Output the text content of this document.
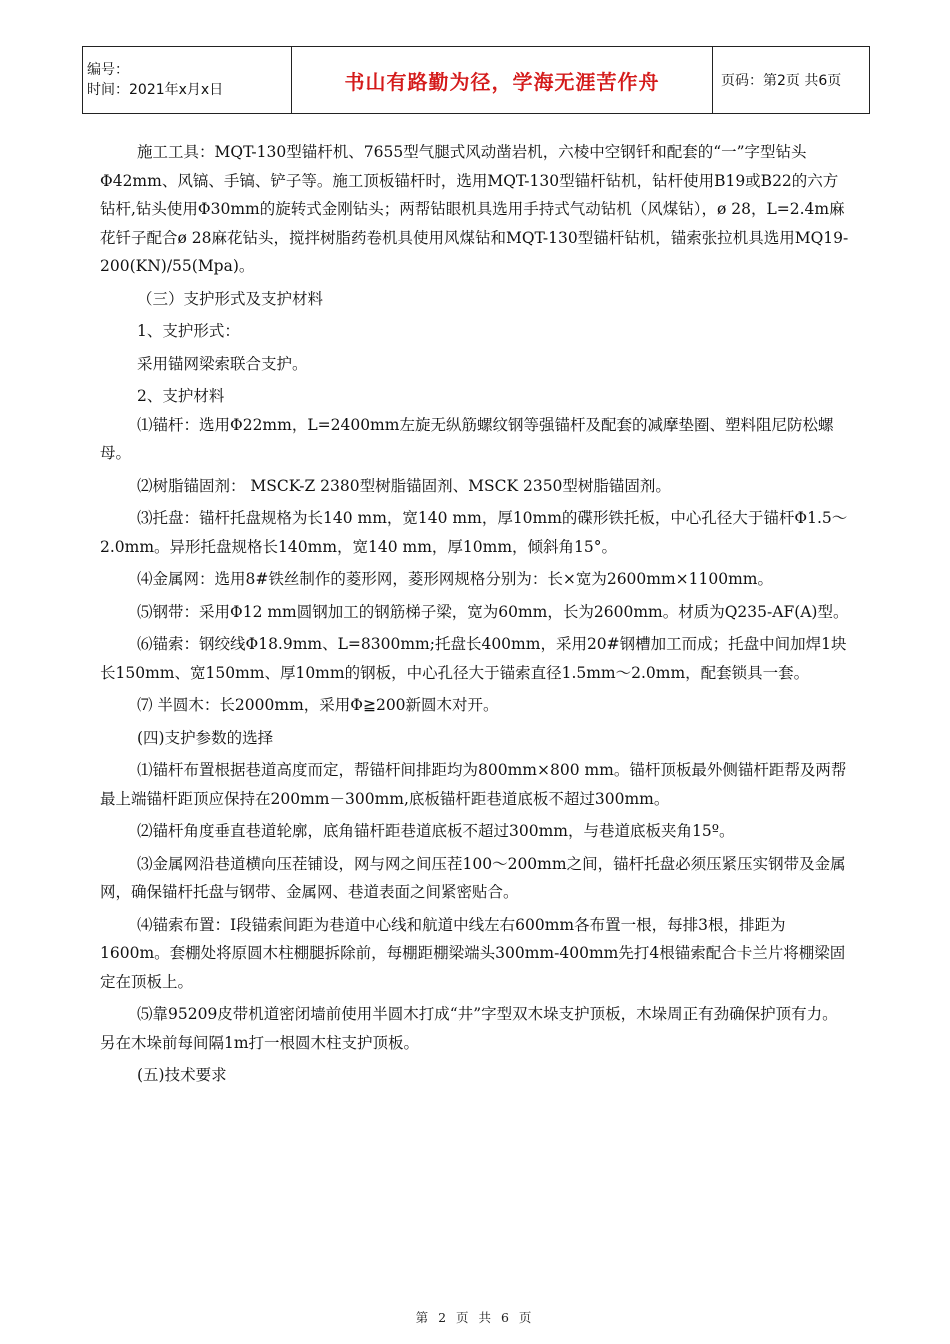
编号：
时间：2021年x月x日	书山有路勤为径，学海无涯苦作舟	页码：第2页 共6页

施工工具：MQT-130型锚杆机、7655型气腿式风动凿岩机，六棱中空钢钎和配套的“一”字型钻头Φ42mm、风镐、手镐、铲子等。施工顶板锚杆时，选用MQT-130型锚杆钻机，钻杆使用B19或B22的六方钻杆,钻头使用Φ30mm的旋转式金刚钻头；两帮钻眼机具选用手持式气动钻机（风煤钻），ø 28，L=2.4m麻花钎子配合ø 28麻花钻头，搅拌树脂药卷机具使用风煤钻和MQT-130型锚杆钻机，锚索张拉机具选用MQ19-200(KN)/55(Mpa)。

（三）支护形式及支护材料

1、支护形式：

采用锚网梁索联合支护。

2、支护材料

⑴锚杆：选用Φ22mm，L=2400mm左旋无纵筋螺纹钢等强锚杆及配套的减摩垫圈、塑料阻尼防松螺母。

⑵树脂锚固剂： MSCK-Z 2380型树脂锚固剂、MSCK 2350型树脂锚固剂。

⑶托盘：锚杆托盘规格为长140 mm，宽140 mm，厚10mm的碟形铁托板，中心孔径大于锚杆Φ1.5～2.0mm。异形托盘规格长140mm，宽140 mm，厚10mm，倾斜角15°。

⑷金属网：选用8#铁丝制作的菱形网，菱形网规格分别为：长×宽为2600mm×1100mm。

⑸钢带：采用Φ12 mm圆钢加工的钢筋梯子梁，宽为60mm，长为2600mm。材质为Q235-AF(A)型。

⑹锚索：钢绞线Φ18.9mm、L=8300mm;托盘长400mm，采用20#钢槽加工而成；托盘中间加焊1块长150mm、宽150mm、厚10mm的钢板，中心孔径大于锚索直径1.5mm～2.0mm，配套锁具一套。

⑺ 半圆木：长2000mm，采用Φ≧200新圆木对开。

(四)支护参数的选择

⑴锚杆布置根据巷道高度而定，帮锚杆间排距均为800mm×800 mm。锚杆顶板最外侧锚杆距帮及两帮最上端锚杆距顶应保持在200mm－300mm,底板锚杆距巷道底板不超过300mm。

⑵锚杆角度垂直巷道轮廓，底角锚杆距巷道底板不超过300mm，与巷道底板夹角15º。

⑶金属网沿巷道横向压茬铺设，网与网之间压茬100～200mm之间，锚杆托盘必须压紧压实钢带及金属网，确保锚杆托盘与钢带、金属网、巷道表面之间紧密贴合。

⑷锚索布置：Ⅰ段锚索间距为巷道中心线和航道中线左右600mm各布置一根，每排3根，排距为1600m。套棚处将原圆木柱棚腿拆除前，每棚距棚梁端头300mm-400mm先打4根锚索配合卡兰片将棚梁固定在顶板上。

⑸靠95209皮带机道密闭墙前使用半圆木打成“井”字型双木垛支护顶板，木垛周正有劲确保护顶有力。另在木垛前每间隔1m打一根圆木柱支护顶板。

(五)技术要求

第 2 页 共 6 页
